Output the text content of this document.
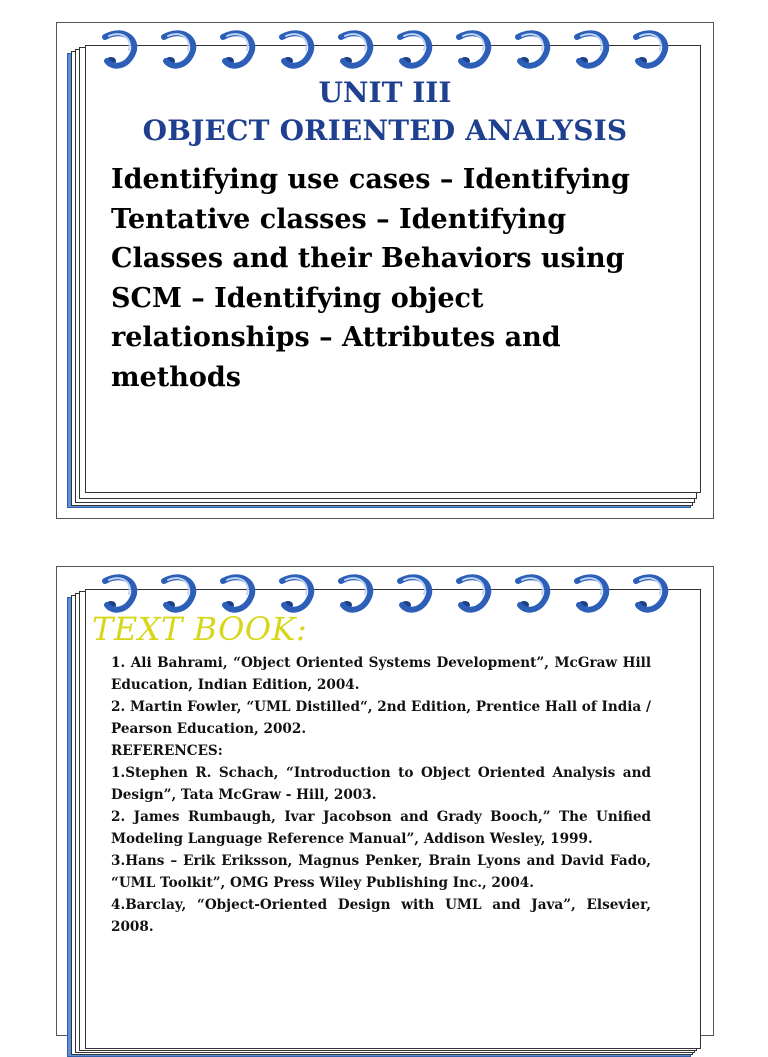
UNIT III
OBJECT ORIENTED ANALYSIS

Identifying use cases – Identifying Tentative classes – Identifying Classes and their Behaviors using SCM – Identifying object relationships – Attributes and methods

TEXT BOOK:
1. Ali Bahrami, “Object Oriented Systems Development”, McGraw Hill Education, Indian Edition, 2004.
2. Martin Fowler, “UML Distilled“, 2nd Edition, Prentice Hall of India / Pearson Education, 2002.
REFERENCES:
1.Stephen R. Schach, “Introduction to Object Oriented Analysis and Design”, Tata McGraw - Hill, 2003.
2. James Rumbaugh, Ivar Jacobson and Grady Booch,” The Unified Modeling Language Reference Manual”, Addison Wesley, 1999.
3.Hans – Erik Eriksson, Magnus Penker, Brain Lyons and David Fado, “UML Toolkit”, OMG Press Wiley Publishing Inc., 2004.
4.Barclay, “Object-Oriented Design with UML and Java”, Elsevier, 2008.
